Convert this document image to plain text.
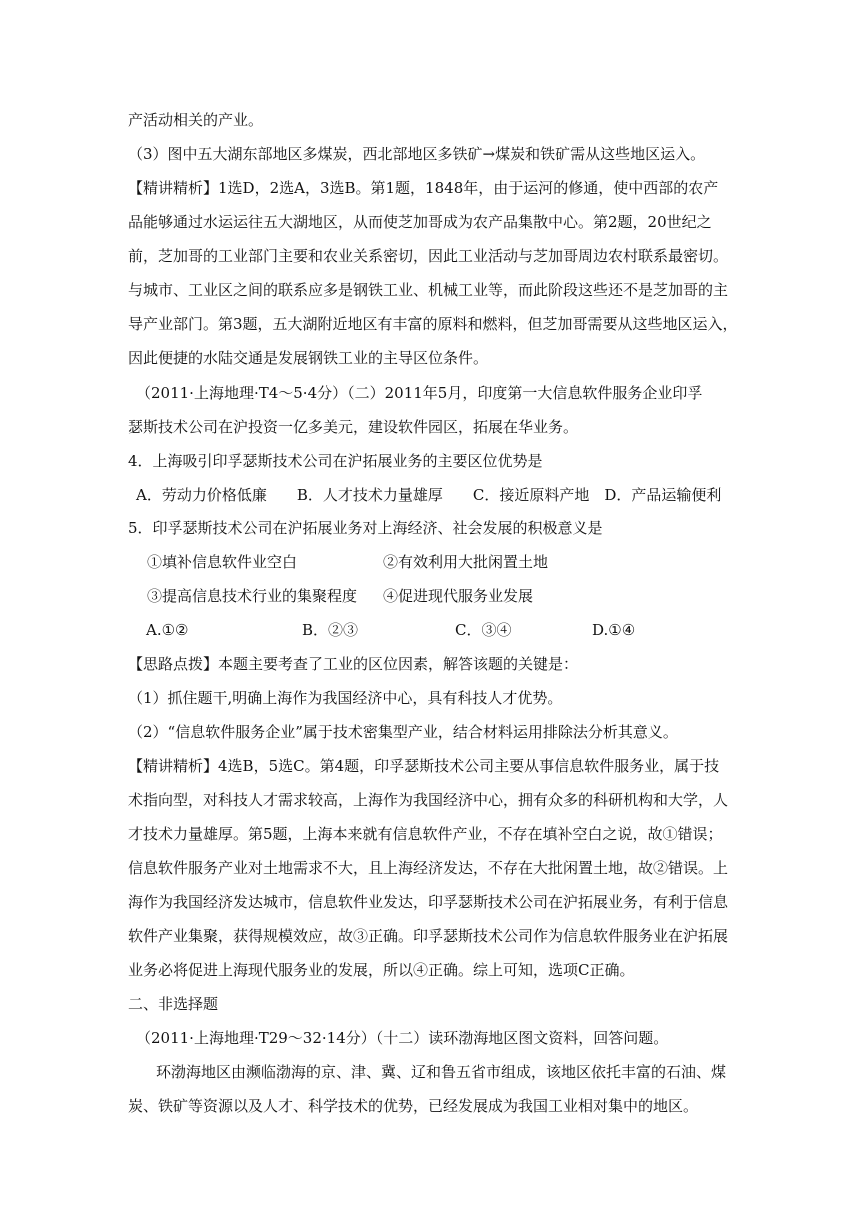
产活动相关的产业。
（3）图中五大湖东部地区多煤炭，西北部地区多铁矿→煤炭和铁矿需从这些地区运入。
【精讲精析】1选D，2选A，3选B。第1题，1848年，由于运河的修通，使中西部的农产
品能够通过水运运往五大湖地区，从而使芝加哥成为农产品集散中心。第2题，20世纪之
前，芝加哥的工业部门主要和农业关系密切，因此工业活动与芝加哥周边农村联系最密切。
与城市、工业区之间的联系应多是钢铁工业、机械工业等，而此阶段这些还不是芝加哥的主
导产业部门。第3题，五大湖附近地区有丰富的原料和燃料，但芝加哥需要从这些地区运入，
因此便捷的水陆交通是发展钢铁工业的主导区位条件。
（2011·上海地理·T4～5·4分）（二）2011年5月，印度第一大信息软件服务企业印孚
瑟斯技术公司在沪投资一亿多美元，建设软件园区，拓展在华业务。
4．上海吸引印孚瑟斯技术公司在沪拓展业务的主要区位优势是
A．劳动力价格低廉　　B．人才技术力量雄厚　　C．接近原料产地　D．产品运输便利
5．印孚瑟斯技术公司在沪拓展业务对上海经济、社会发展的积极意义是
①填补信息软件业空白	②有效利用大批闲置土地
③提高信息技术行业的集聚程度 ④促进现代服务业发展
A.①②	B．②③	C．③④	D.①④
【思路点拨】本题主要考查了工业的区位因素，解答该题的关键是：
（1）抓住题干,明确上海作为我国经济中心，具有科技人才优势。
（2）“信息软件服务企业”属于技术密集型产业，结合材料运用排除法分析其意义。
【精讲精析】4选B，5选C。第4题，印孚瑟斯技术公司主要从事信息软件服务业，属于技
术指向型，对科技人才需求较高，上海作为我国经济中心，拥有众多的科研机构和大学，人
才技术力量雄厚。第5题，上海本来就有信息软件产业，不存在填补空白之说，故①错误；
信息软件服务产业对土地需求不大，且上海经济发达，不存在大批闲置土地，故②错误。上
海作为我国经济发达城市，信息软件业发达，印孚瑟斯技术公司在沪拓展业务，有利于信息
软件产业集聚，获得规模效应，故③正确。印孚瑟斯技术公司作为信息软件服务业在沪拓展
业务必将促进上海现代服务业的发展，所以④正确。综上可知，选项C正确。
二、非选择题
（2011·上海地理·T29～32·14分）（十二）读环渤海地区图文资料，回答问题。
环渤海地区由濒临渤海的京、津、冀、辽和鲁五省市组成，该地区依托丰富的石油、煤
炭、铁矿等资源以及人才、科学技术的优势，已经发展成为我国工业相对集中的地区。
